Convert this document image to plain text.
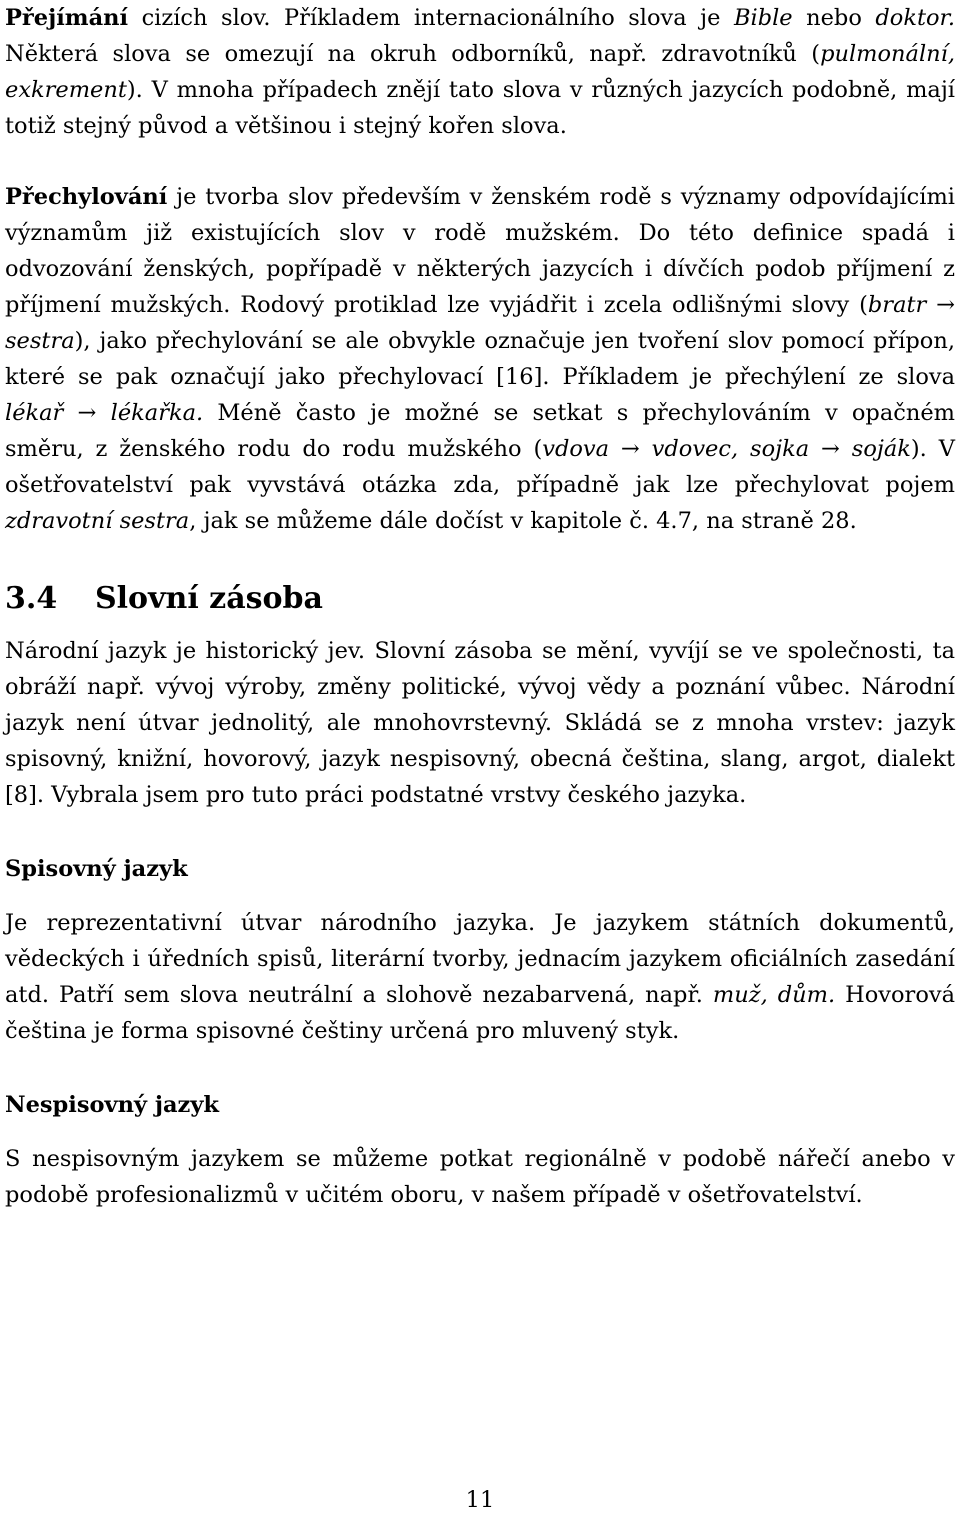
Přejímání cizích slov. Příkladem internacionálního slova je Bible nebo doktor. Některá slova se omezují na okruh odborníků, např. zdravotníků (pulmonální, exkrement). V mnoha případech znějí tato slova v různých jazycích podobně, mají totiž stejný původ a většinou i stejný kořen slova.

Přechylování je tvorba slov především v ženském rodě s významy odpovídajícími významům již existujících slov v rodě mužském. Do této definice spadá i odvozování ženských, popřípadě v některých jazycích i dívčích podob příjmení z příjmení mužských. Rodový protiklad lze vyjádřit i zcela odlišnými slovy (bratr → sestra), jako přechylování se ale obvykle označuje jen tvoření slov pomocí přípon, které se pak označují jako přechylovací [16]. Příkladem je přechýlení ze slova lékař → lékařka. Méně často je možné se setkat s přechylováním v opačném směru, z ženského rodu do rodu mužského (vdova → vdovec, sojka → soják). V ošetřovatelství pak vyvstává otázka zda, případně jak lze přechylovat pojem zdravotní sestra, jak se můžeme dále dočíst v kapitole č. 4.7, na straně 28.

3.4 Slovní zásoba

Národní jazyk je historický jev. Slovní zásoba se mění, vyvíjí se ve společnosti, ta obráží např. vývoj výroby, změny politické, vývoj vědy a poznání vůbec. Národní jazyk není útvar jednolitý, ale mnohovrstevný. Skládá se z mnoha vrstev: jazyk spisovný, knižní, hovorový, jazyk nespisovný, obecná čeština, slang, argot, dialekt [8]. Vybrala jsem pro tuto práci podstatné vrstvy českého jazyka.

Spisovný jazyk

Je reprezentativní útvar národního jazyka. Je jazykem státních dokumentů, vědeckých i úředních spisů, literární tvorby, jednacím jazykem oficiálních zasedání atd. Patří sem slova neutrální a slohově nezabarvená, např. muž, dům. Hovorová čeština je forma spisovné češtiny určená pro mluvený styk.

Nespisovný jazyk

S nespisovným jazykem se můžeme potkat regionálně v podobě nářečí anebo v podobě profesionalizmů v učitém oboru, v našem případě v ošetřovatelství.

11
